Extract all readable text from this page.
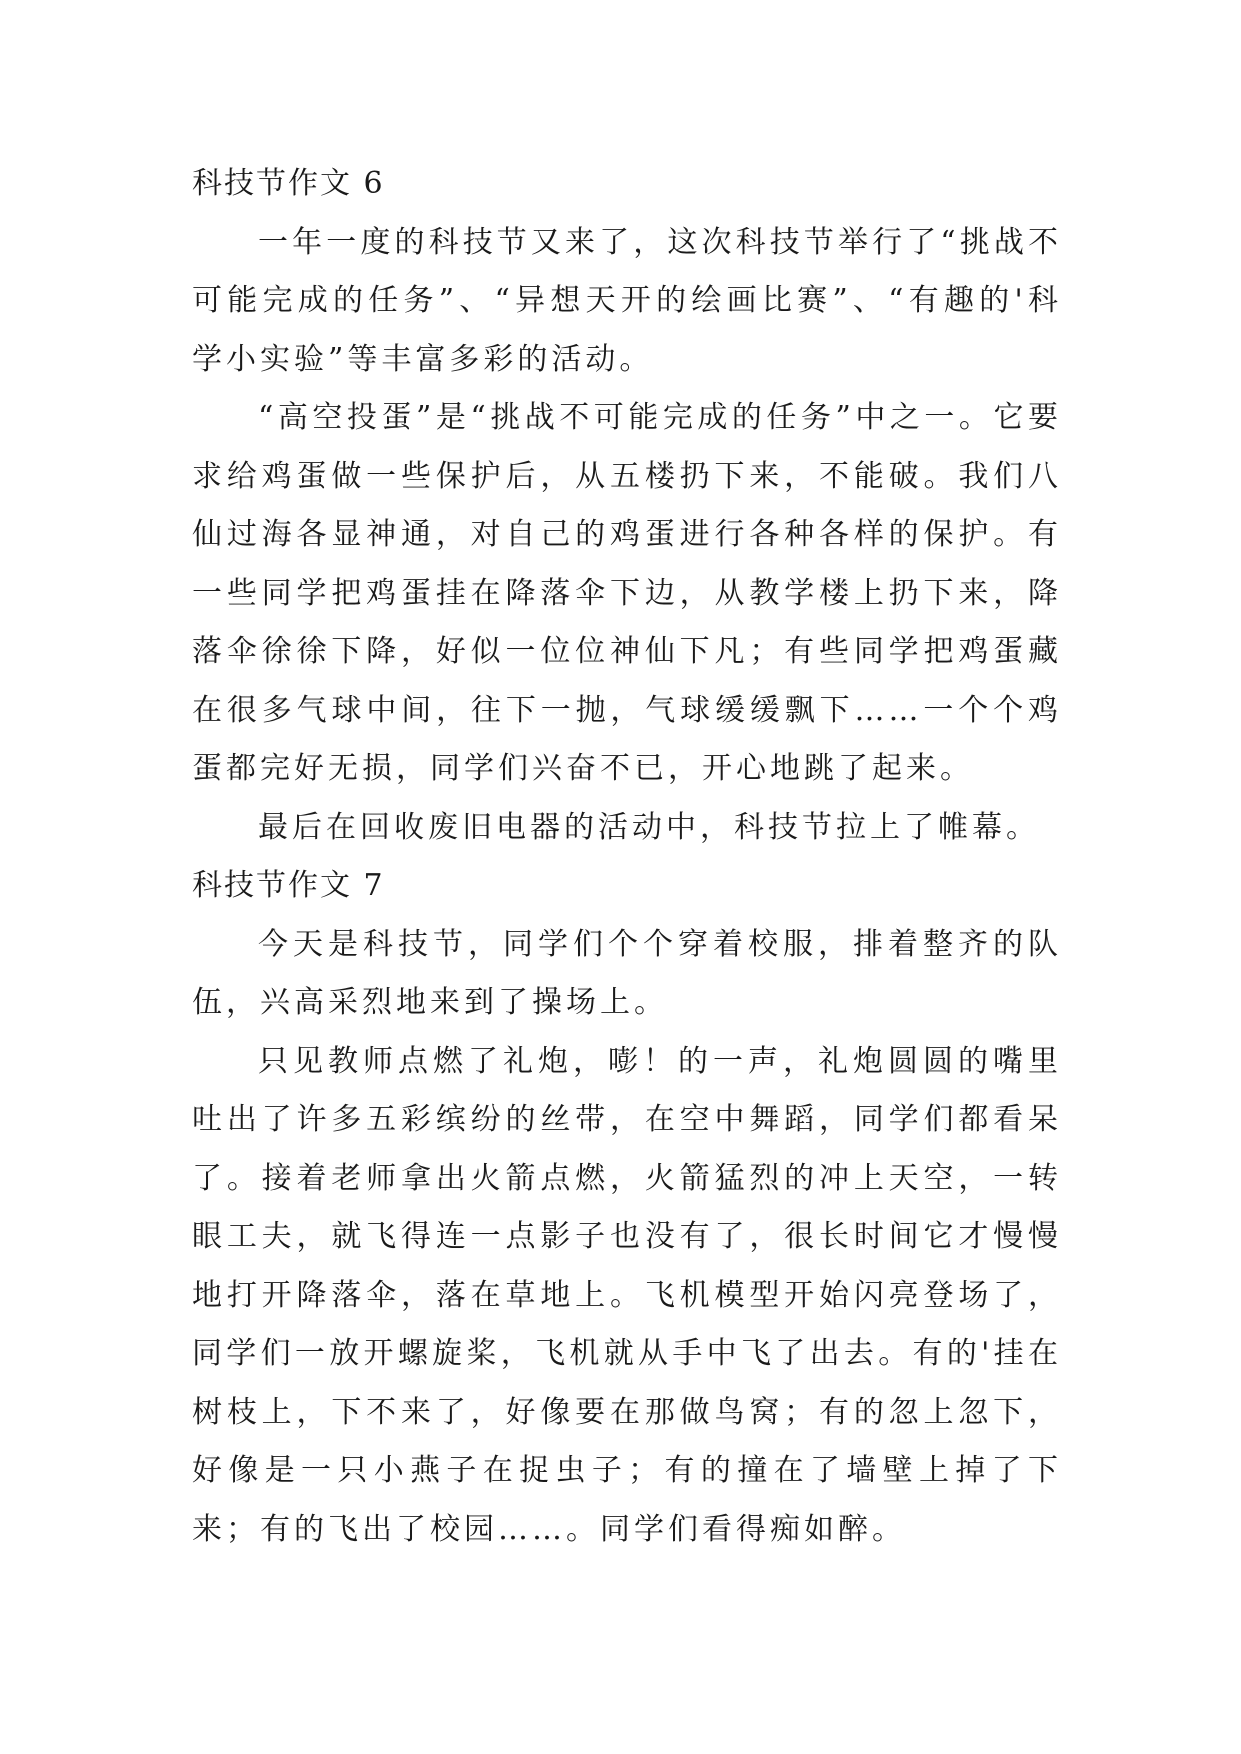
科技节作文 6

一年一度的科技节又来了，这次科技节举行了“挑战不可能完成的任务”、“异想天开的绘画比赛”、“有趣的'科学小实验”等丰富多彩的活动。

“高空投蛋”是“挑战不可能完成的任务”中之一。它要求给鸡蛋做一些保护后，从五楼扔下来，不能破。我们八仙过海各显神通，对自己的鸡蛋进行各种各样的保护。有一些同学把鸡蛋挂在降落伞下边，从教学楼上扔下来，降落伞徐徐下降，好似一位位神仙下凡；有些同学把鸡蛋藏在很多气球中间，往下一抛，气球缓缓飘下……一个个鸡蛋都完好无损，同学们兴奋不已，开心地跳了起来。

最后在回收废旧电器的活动中，科技节拉上了帷幕。

科技节作文 7

今天是科技节，同学们个个穿着校服，排着整齐的队伍，兴高采烈地来到了操场上。

只见教师点燃了礼炮，嘭！的一声，礼炮圆圆的嘴里吐出了许多五彩缤纷的丝带，在空中舞蹈，同学们都看呆了。接着老师拿出火箭点燃，火箭猛烈的冲上天空，一转眼工夫，就飞得连一点影子也没有了，很长时间它才慢慢地打开降落伞，落在草地上。飞机模型开始闪亮登场了，同学们一放开螺旋桨，飞机就从手中飞了出去。有的'挂在树枝上，下不来了，好像要在那做鸟窝；有的忽上忽下，好像是一只小燕子在捉虫子；有的撞在了墙壁上掉了下来；有的飞出了校园……。同学们看得痴如醉。
